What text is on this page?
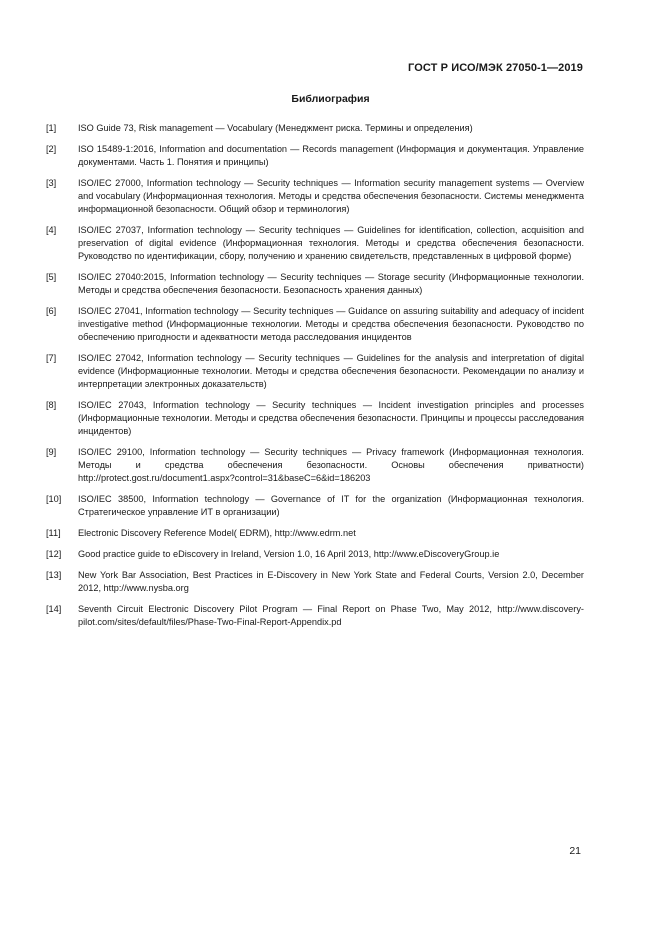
ГОСТ Р ИСО/МЭК 27050-1—2019
Библиография
[1]	ISO Guide 73, Risk management — Vocabulary (Менеджмент риска. Термины и определения)
[2]	ISO 15489-1:2016, Information and documentation — Records management (Информация и документация. Управление документами. Часть 1. Понятия и принципы)
[3]	ISO/IEC 27000, Information technology — Security techniques — Information security management systems — Overview and vocabulary (Информационная технология. Методы и средства обеспечения безопасности. Системы менеджмента информационной безопасности. Общий обзор и терминология)
[4]	ISO/IEC 27037, Information technology — Security techniques — Guidelines for identification, collection, acquisition and preservation of digital evidence (Информационная технология. Методы и средства обеспечения безопасности. Руководство по идентификации, сбору, получению и хранению свидетельств, представленных в цифровой форме)
[5]	ISO/IEC 27040:2015, Information technology — Security techniques — Storage security (Информационные технологии. Методы и средства обеспечения безопасности. Безопасность хранения данных)
[6]	ISO/IEC 27041, Information technology — Security techniques — Guidance on assuring suitability and adequacy of incident investigative method (Информационные технологии. Методы и средства обеспечения безопасности. Руководство по обеспечению пригодности и адекватности метода расследования инцидентов
[7]	ISO/IEC 27042, Information technology — Security techniques — Guidelines for the analysis and interpretation of digital evidence (Информационные технологии. Методы и средства обеспечения безопасности. Рекомендации по анализу и интерпретации электронных доказательств)
[8]	ISO/IEC 27043, Information technology — Security techniques — Incident investigation principles and processes (Информационные технологии. Методы и средства обеспечения безопасности. Принципы и процессы расследования инцидентов)
[9]	ISO/IEC 29100, Information technology — Security techniques — Privacy framework (Информационная технология. Методы и средства обеспечения безопасности. Основы обеспечения приватности) http://protect.gost.ru/document1.aspx?control=31&baseC=6&id=186203
[10]	ISO/IEC 38500, Information technology — Governance of IT for the organization (Информационная технология. Стратегическое управление ИТ в организации)
[11]	Electronic Discovery Reference Model( EDRM), http://www.edrm.net
[12]	Good practice guide to eDiscovery in Ireland, Version 1.0, 16 April 2013, http://www.eDiscoveryGroup.ie
[13]	New York Bar Association, Best Practices in E-Discovery in New York State and Federal Courts, Version 2.0, December 2012, http://www.nysba.org
[14]	Seventh Circuit Electronic Discovery Pilot Program — Final Report on Phase Two, May 2012, http://www.discovery-pilot.com/sites/default/files/Phase-Two-Final-Report-Appendix.pd
21
